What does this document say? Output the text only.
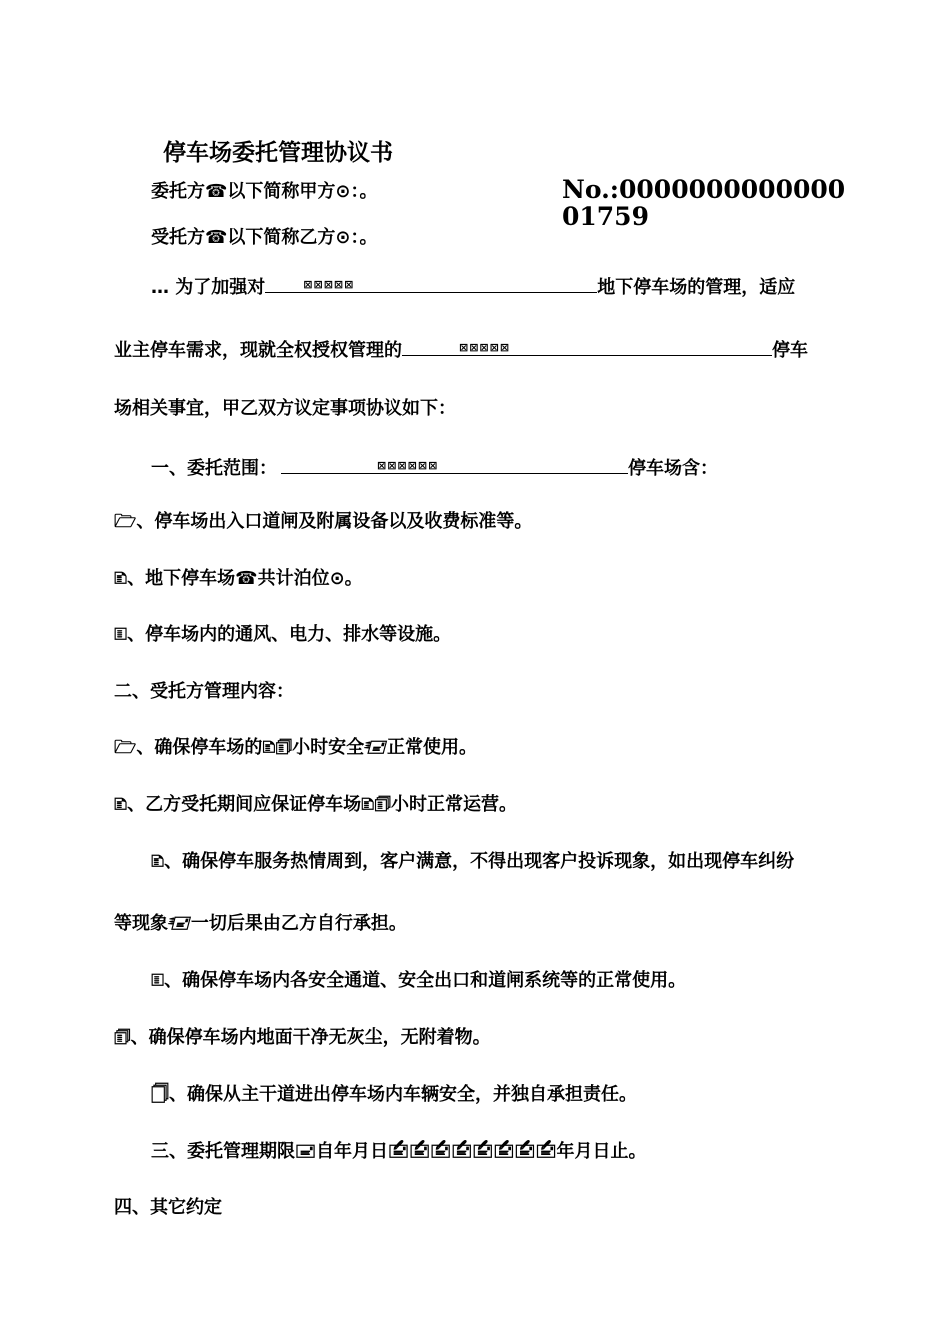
停车场委托管理协议书
No.:000000000000001759
委托方☎以下简称甲方⊙：。
受托方☎以下简称乙方⊙：。
… 为了加强对	⊠⊠⊠⊠⊠	地下停车场的管理，适应
业主停车需求，现就全权授权管理的	⊠⊠⊠⊠⊠	停车
场相关事宜，甲乙双方议定事项协议如下：
一、委托范围：	⊠⊠⊠⊠⊠⊠	停车场含：
🗁、停车场出入口道闸及附属设备以及收费标准等。
🗈、地下停车场☎共计泊位⊙。
🗉、停车场内的通风、电力、排水等设施。
二、受托方管理内容：
🗁、确保停车场的🗈🗊小时安全🖅正常使用。
🗈、乙方受托期间应保证停车场🗈🗊小时正常运营。
🗈、确保停车服务热情周到，客户满意，不得出现客户投诉现象，如出现停车纠纷
等现象🖅一切后果由乙方自行承担。
🗉、确保停车场内各安全通道、安全出口和道闸系统等的正常使用。
🗊、确保停车场内地面干净无灰尘，无附着物。
🗍、确保从主干道进出停车场内车辆安全，并独自承担责任。
三、委托管理期限🖃自年月日🖆🖆🖆🖆🖆🖆🖆🖆年月日止。
四、其它约定
